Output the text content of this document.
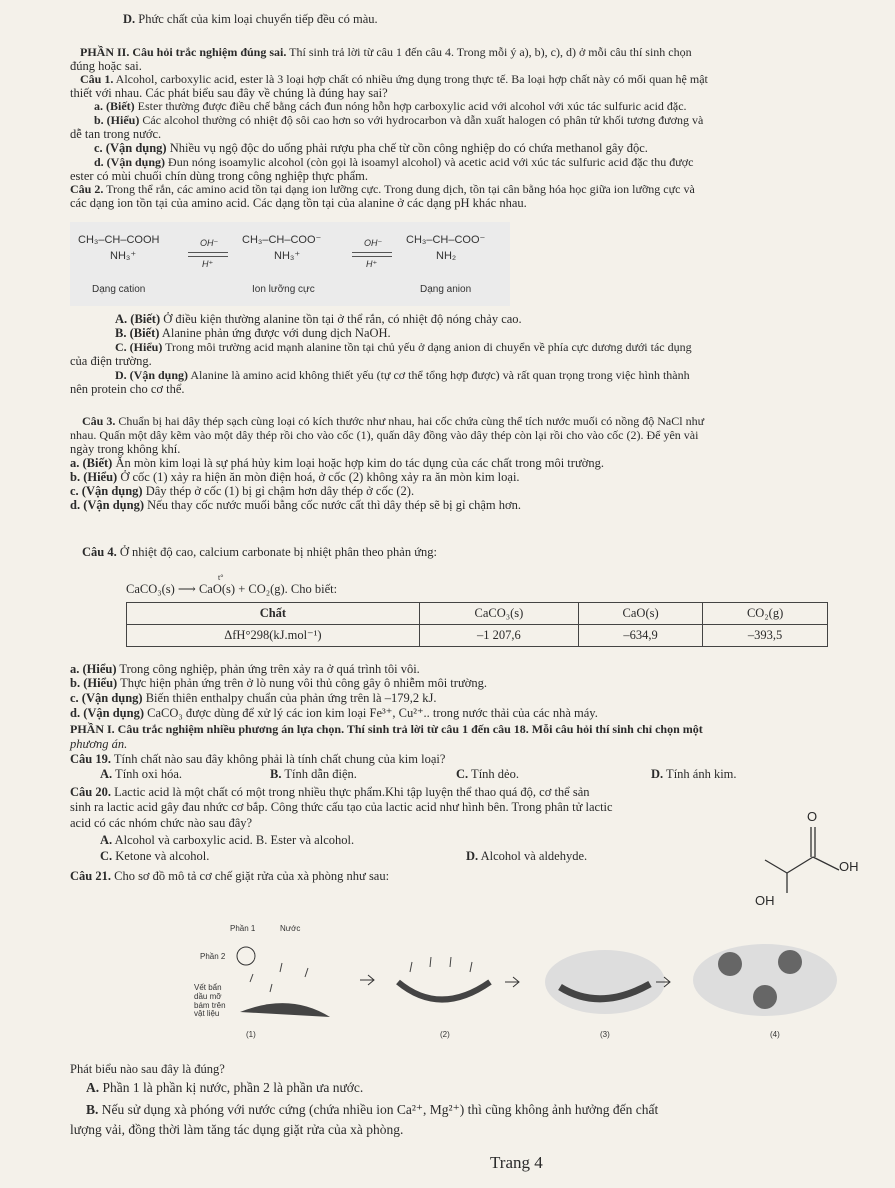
D. Phức chất của kim loại chuyển tiếp đều có màu.

PHẦN II. Câu hỏi trắc nghiệm đúng sai. Thí sinh trả lời từ câu 1 đến câu 4. Trong mỗi ý a), b), c), d) ở mỗi câu thí sinh chọn

đúng hoặc sai.

Câu 1. Alcohol, carboxylic acid, ester là 3 loại hợp chất có nhiều ứng dụng trong thực tế. Ba loại hợp chất này có mối quan hệ mật

thiết với nhau. Các phát biểu sau đây về chúng là đúng hay sai?

a. (Biết) Ester thường được điều chế bằng cách đun nóng hỗn hợp carboxylic acid với alcohol với xúc tác sulfuric acid đặc.

b. (Hiểu) Các alcohol thường có nhiệt độ sôi cao hơn so với hydrocarbon và dẫn xuất halogen có phân tử khối tương đương và

dễ tan trong nước.

c. (Vận dụng) Nhiều vụ ngộ độc do uống phải rượu pha chế từ cồn công nghiệp do có chứa methanol gây độc.

d. (Vận dụng) Đun nóng isoamylic alcohol (còn gọi là isoamyl alcohol) và acetic acid với xúc tác sulfuric acid đặc thu được

ester có mùi chuối chín dùng trong công nghiệp thực phẩm.

Câu 2. Trong thể rắn, các amino acid tồn tại dạng ion lưỡng cực. Trong dung dịch, tồn tại cân bằng hóa học giữa ion lưỡng cực và

các dạng ion tồn tại của amino acid. Các dạng tồn tại của alanine ở các dạng pH khác nhau.

CH₃–CH–COOH
NH₃⁺
OH⁻
H⁺
CH₃–CH–COO⁻
NH₃⁺
OH⁻
H⁺
CH₃–CH–COO⁻
NH₂
Dạng cation	Ion lưỡng cực	Dạng anion

A. (Biết) Ở điều kiện thường alanine tồn tại ở thể rắn, có nhiệt độ nóng chảy cao.

B. (Biết) Alanine phản ứng được với dung dịch NaOH.

C. (Hiểu) Trong môi trường acid mạnh alanine tồn tại chủ yếu ở dạng anion di chuyển về phía cực dương dưới tác dụng

của điện trường.

D. (Vận dụng) Alanine là amino acid không thiết yếu (tự cơ thể tổng hợp được) và rất quan trọng trong việc hình thành

nên protein cho cơ thể.

Câu 3. Chuẩn bị hai dây thép sạch cùng loại có kích thước như nhau, hai cốc chứa cùng thể tích nước muối có nồng độ NaCl như

nhau. Quấn một dây kẽm vào một dây thép rồi cho vào cốc (1), quấn dây đồng vào dây thép còn lại rồi cho vào cốc (2). Để yên vài

ngày trong không khí.

a. (Biết) Ăn mòn kim loại là sự phá hủy kim loại hoặc hợp kim do tác dụng của các chất trong môi trường.

b. (Hiểu) Ở cốc (1) xảy ra hiện ăn mòn điện hoá, ở cốc (2) không xảy ra ăn mòn kim loại.

c. (Vận dụng) Dây thép ở cốc (1) bị gỉ chậm hơn dây thép ở cốc (2).

d. (Vận dụng) Nếu thay cốc nước muối bằng cốc nước cất thì dây thép sẽ bị gỉ chậm hơn.

Câu 4. Ở nhiệt độ cao, calcium carbonate bị nhiệt phân theo phản ứng:

CaCO₃(s) ⟶ CaO(s) + CO₂(g). Cho biết:
t°
Chất	CaCO₃(s)	CaO(s)	CO₂(g)
ΔfH°298(kJ.mol⁻¹)	–1 207,6	–634,9	–393,5

a. (Hiểu) Trong công nghiệp, phản ứng trên xảy ra ở quá trình tôi vôi.

b. (Hiểu) Thực hiện phản ứng trên ở lò nung vôi thủ công gây ô nhiễm môi trường.

c. (Vận dụng) Biến thiên enthalpy chuẩn của phản ứng trên là –179,2 kJ.

d. (Vận dụng) CaCO₃ được dùng để xử lý các ion kim loại Fe³⁺, Cu²⁺.. trong nước thải của các nhà máy.

PHẦN I. Câu trắc nghiệm nhiều phương án lựa chọn. Thí sinh trả lời từ câu 1 đến câu 18. Mỗi câu hỏi thí sinh chỉ chọn một

phương án.

Câu 19. Tính chất nào sau đây không phải là tính chất chung của kim loại?

A. Tính oxi hóa.	B. Tính dẫn điện.	C. Tính dẻo.	D. Tính ánh kim.

Câu 20. Lactic acid là một chất có một trong nhiều thực phẩm.Khi tập luyện thể thao quá độ, cơ thể sản

sinh ra lactic acid gây đau nhức cơ bắp. Công thức cấu tạo của lactic acid như hình bên. Trong phân tử lactic

acid có các nhóm chức nào sau đây?

A. Alcohol và carboxylic acid. B. Ester và alcohol.

C. Ketone và alcohol.	D. Alcohol và aldehyde.

O
OH
OH

Câu 21. Cho sơ đồ mô tả cơ chế giặt rửa của xà phòng như sau:

Phần 1	Nước
Phần 2
Vết bẩn dầu mỡ bám trên vật liệu
(1)	(2)	(3)	(4)

Phát biểu nào sau đây là đúng?

A. Phần 1 là phần kị nước, phần 2 là phần ưa nước.

B. Nếu sử dụng xà phóng với nước cứng (chứa nhiều ion Ca²⁺, Mg²⁺) thì cũng không ảnh hưởng đến chất

lượng vải, đồng thời làm tăng tác dụng giặt rửa của xà phòng.

Trang 4
